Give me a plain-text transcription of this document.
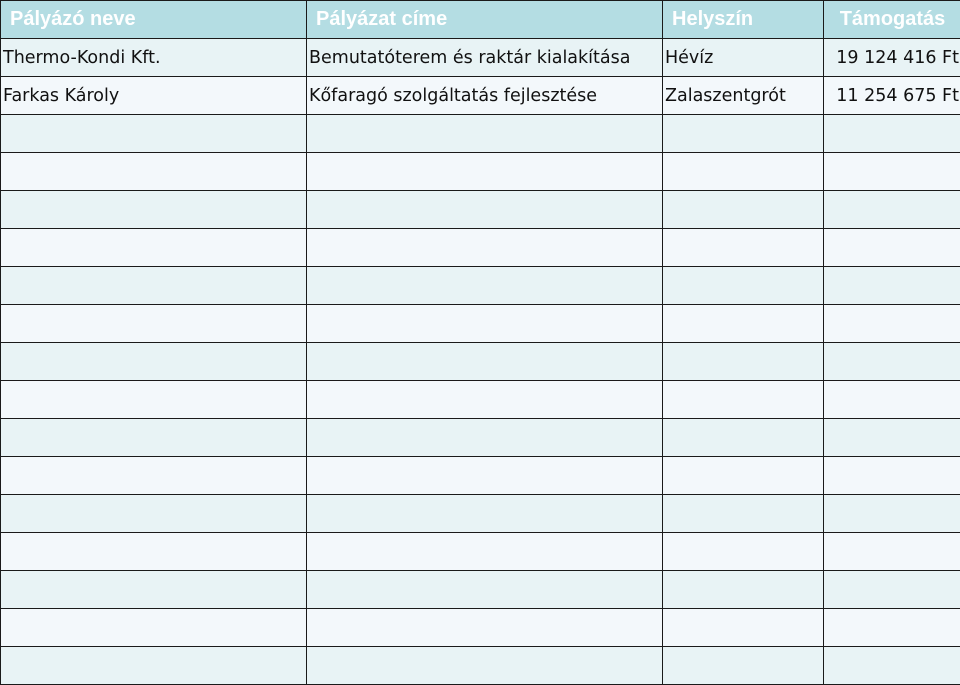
Pályázó neve	Pályázat címe	Helyszín	Támogatás
Thermo-Kondi Kft.	Bemutatóterem és raktár kialakítása	Hévíz	19 124 416 Ft
Farkas Károly	Kőfaragó szolgáltatás fejlesztése	Zalaszentgrót	11 254 675 Ft
